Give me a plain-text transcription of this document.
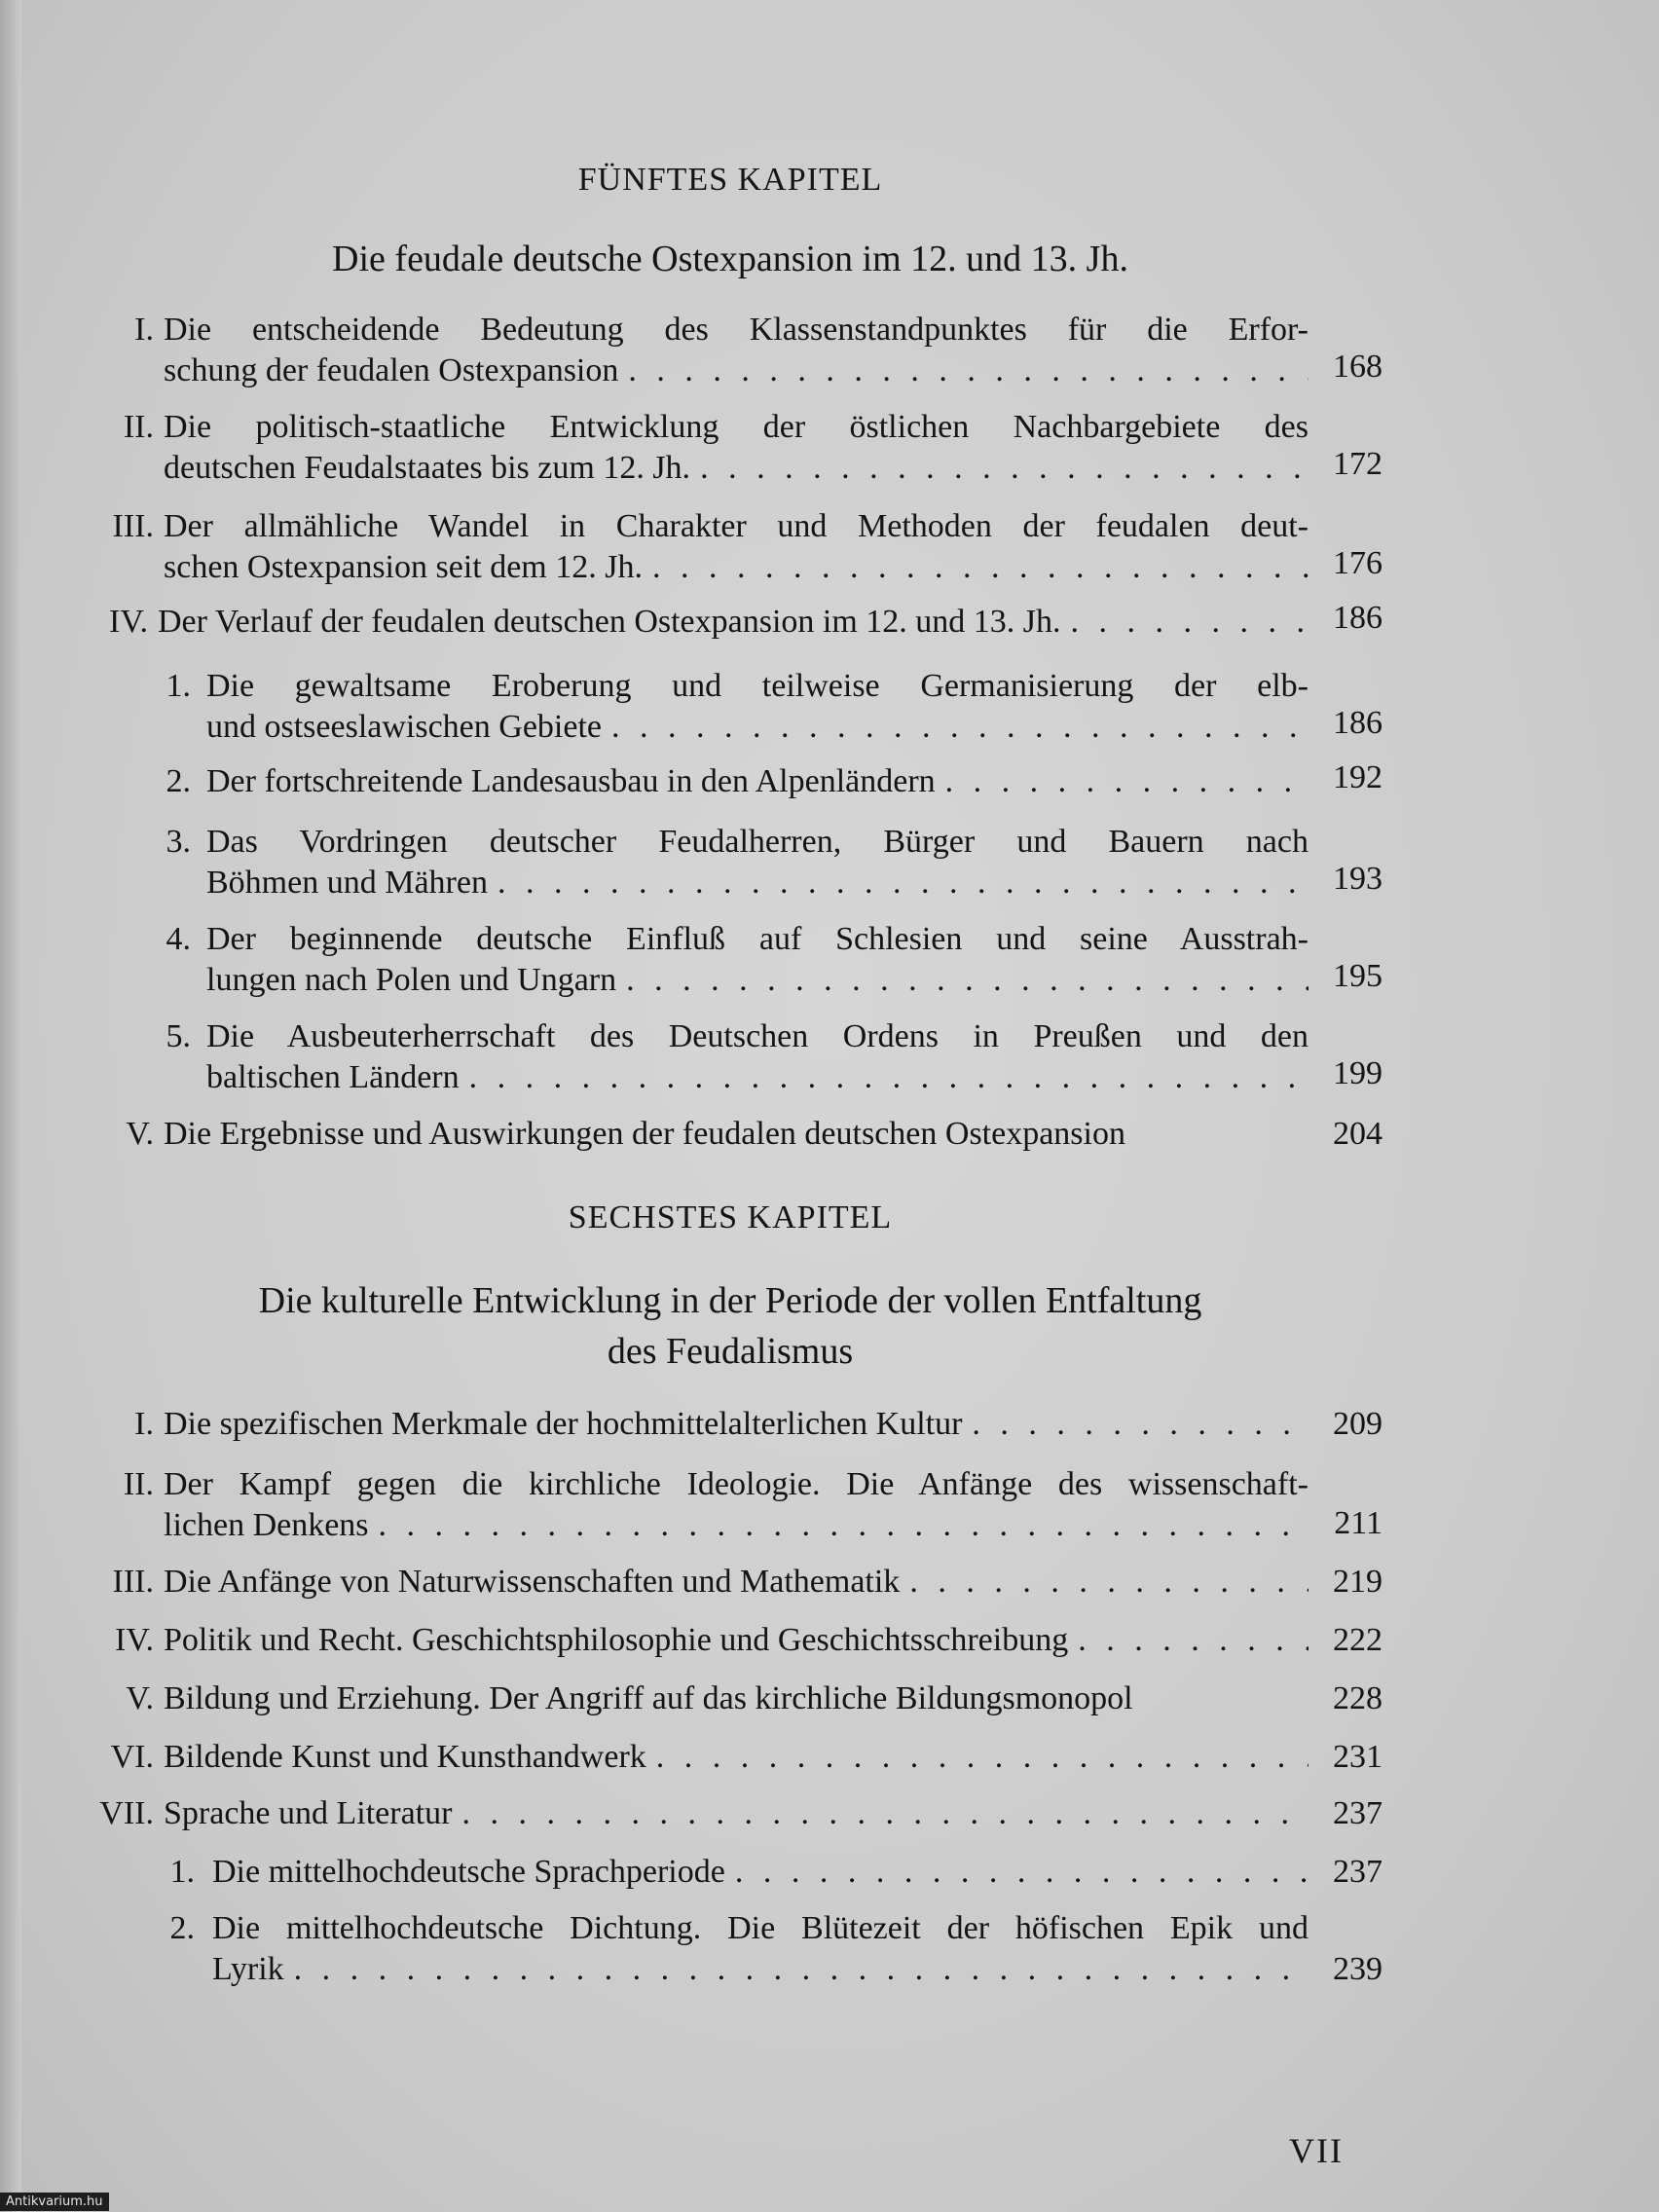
FÜNFTES KAPITEL
Die feudale deutsche Ostexpansion im 12. und 13. Jh.
I. Die entscheidende Bedeutung des Klassenstandpunktes für die Erfor-
schung der feudalen Ostexpansion . . .	168
II. Die politisch-staatliche Entwicklung der östlichen Nachbargebiete des
deutschen Feudalstaates bis zum 12. Jh. . . .	172
III. Der allmähliche Wandel in Charakter und Methoden der feudalen deut-
schen Ostexpansion seit dem 12. Jh. . . .	176
IV. Der Verlauf der feudalen deutschen Ostexpansion im 12. und 13. Jh. . . .	186
1. Die gewaltsame Eroberung und teilweise Germanisierung der elb-
und ostseeslawischen Gebiete . . .	186
2. Der fortschreitende Landesausbau in den Alpenländern . . .	192
3. Das Vordringen deutscher Feudalherren, Bürger und Bauern nach
Böhmen und Mähren . . .	193
4. Der beginnende deutsche Einfluß auf Schlesien und seine Ausstrah-
lungen nach Polen und Ungarn . . .	195
5. Die Ausbeuterherrschaft des Deutschen Ordens in Preußen und den
baltischen Ländern . . .	199
V. Die Ergebnisse und Auswirkungen der feudalen deutschen Ostexpansion	204
SECHSTES KAPITEL
Die kulturelle Entwicklung in der Periode der vollen Entfaltung
des Feudalismus
I. Die spezifischen Merkmale der hochmittelalterlichen Kultur . . .	209
II. Der Kampf gegen die kirchliche Ideologie. Die Anfänge des wissenschaft-
lichen Denkens . . .	211
III. Die Anfänge von Naturwissenschaften und Mathematik . . .	219
IV. Politik und Recht. Geschichtsphilosophie und Geschichtsschreibung . . .	222
V. Bildung und Erziehung. Der Angriff auf das kirchliche Bildungsmonopol	228
VI. Bildende Kunst und Kunsthandwerk . . .	231
VII. Sprache und Literatur . . .	237
1. Die mittelhochdeutsche Sprachperiode . . .	237
2. Die mittelhochdeutsche Dichtung. Die Blütezeit der höfischen Epik und
Lyrik . . .	239
VII
Antikvarium.hu
